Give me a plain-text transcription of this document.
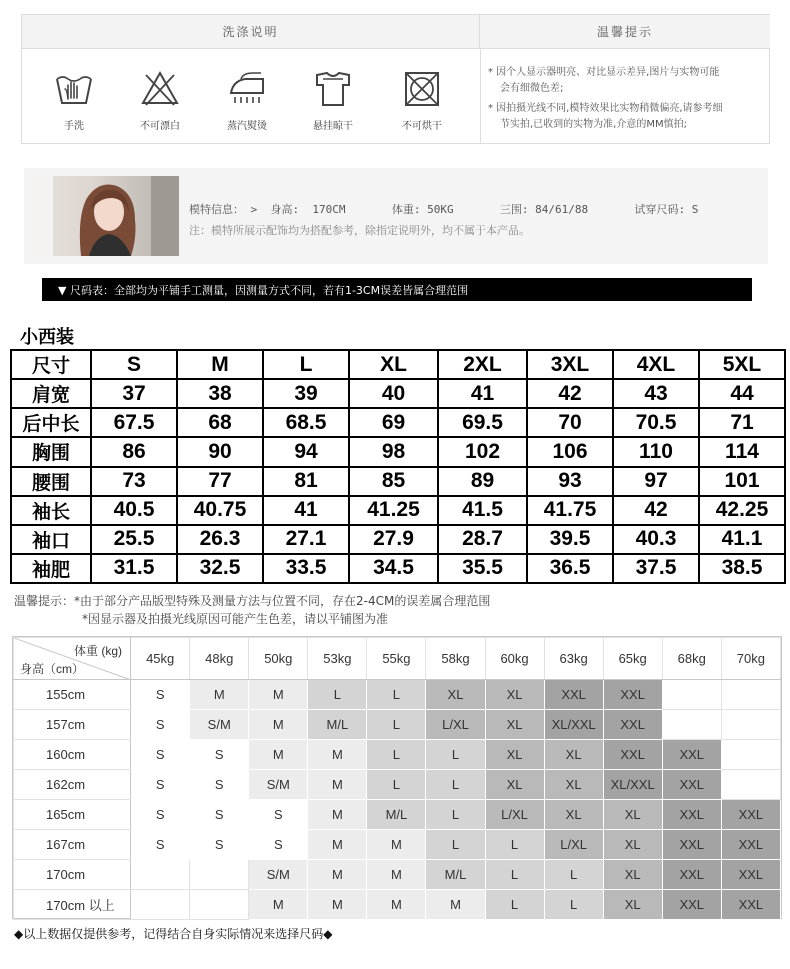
洗涤说明	温馨提示
手洗	不可漂白	蒸汽熨烫	悬挂晾干	不可烘干
* 因个人显示器明亮、对比显示差异,图片与实物可能
会有细微色差;
* 因拍摄光线不同,模特效果比实物稍微偏亮,请参考细
节实拍,已收到的实物为准,介意的MM慎拍;
模特信息： >  身高:  170CM       体重: 50KG       三围: 84/61/88       试穿尺码: S
注：模特所展示配饰均为搭配参考，除指定说明外，均不属于本产品。
▼ 尺码表：全部均为平铺手工测量，因测量方式不同，若有1-3CM误差皆属合理范围
小西装
尺寸	S	M	L	XL	2XL	3XL	4XL	5XL
肩宽	37	38	39	40	41	42	43	44
后中长	67.5	68	68.5	69	69.5	70	70.5	71
胸围	86	90	94	98	102	106	110	114
腰围	73	77	81	85	89	93	97	101
袖长	40.5	40.75	41	41.25	41.5	41.75	42	42.25
袖口	25.5	26.3	27.1	27.9	28.7	39.5	40.3	41.1
袖肥	31.5	32.5	33.5	34.5	35.5	36.5	37.5	38.5
温馨提示：*由于部分产品版型特殊及测量方法与位置不同，存在2-4CM的误差属合理范围
*因显示器及拍摄光线原因可能产生色差，请以平铺图为准
体重 (kg)
身高（cm）	45kg	48kg	50kg	53kg	55kg	58kg	60kg	63kg	65kg	68kg	70kg
155cm	S	M	M	L	L	XL	XL	XXL	XXL		
157cm	S	S/M	M	M/L	L	L/XL	XL	XL/XXL	XXL		
160cm	S	S	M	M	L	L	XL	XL	XXL	XXL	
162cm	S	S	S/M	M	L	L	XL	XL	XL/XXL	XXL	
165cm	S	S	S	M	M/L	L	L/XL	XL	XL	XXL	XXL
167cm	S	S	S	M	M	L	L	L/XL	XL	XXL	XXL
170cm			S/M	M	M	M/L	L	L	XL	XXL	XXL
170cm 以上			M	M	M	M	L	L	XL	XXL	XXL
◆以上数据仅提供参考，记得结合自身实际情况来选择尺码◆
